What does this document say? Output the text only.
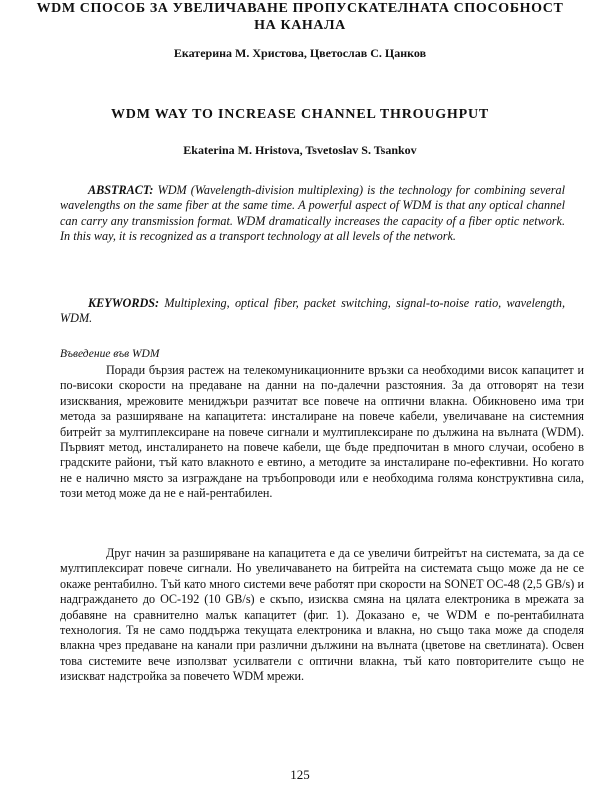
WDM СПОСОБ ЗА УВЕЛИЧАВАНЕ ПРОПУСКАТЕЛНАТА СПОСОБНОСТ НА КАНАЛА

Екатерина М. Христова, Цветослав С. Цанков

WDM WAY TO INCREASE CHANNEL THROUGHPUT

Ekaterina M. Hristova, Tsvetoslav S. Tsankov

ABSTRACT: WDM (Wavelength-division multiplexing) is the technology for combining several wavelengths on the same fiber at the same time. A powerful aspect of WDM is that any optical channel can carry any transmission format. WDM dramatically increases the capacity of a fiber optic network. In this way, it is recognized as a transport technology at all levels of the network.

KEYWORDS: Multiplexing, optical fiber, packet switching, signal-to-noise ratio, wavelength, WDM.

Въведение във WDM

Поради бързия растеж на телекомуникационните връзки са необходими висок капацитет и по-високи скорости на предаване на данни на по-далечни разстояния. За да отговорят на тези изисквания, мрежовите мениджъри разчитат все повече на оптични влакна. Обикновено има три метода за разширяване на капацитета: инсталиране на повече кабели, увеличаване на системния битрейт за мултиплексиране на повече сигнали и мултиплексиране по дължина на вълната (WDM). Първият метод, инсталирането на повече кабели, ще бъде предпочитан в много случаи, особено в градските райони, тъй като влакното е евтино, а методите за инсталиране по-ефективни. Но когато не е налично място за изграждане на тръбопроводи или е необходима голяма конструктивна сила, този метод може да не е най-рентабилен.

Друг начин за разширяване на капацитета е да се увеличи битрейтът на системата, за да се мултиплексират повече сигнали. Но увеличаването на битрейта на системата също може да не се окаже рентабилно. Тъй като много системи вече работят при скорости на SONET OC-48 (2,5 GB/s) и надграждането до OC-192 (10 GB/s) е скъпо, изисква смяна на цялата електроника в мрежата за добавяне на сравнително малък капацитет (фиг. 1). Доказано е, че WDM е по-рентабилната технология. Тя не само поддържа текущата електроника и влакна, но също така може да споделя влакна чрез предаване на канали при различни дължини на вълната (цветове на светлината). Освен това системите вече използват усилватели с оптични влакна, тъй като повторителите също не изискват надстройка за повечето WDM мрежи.

125
